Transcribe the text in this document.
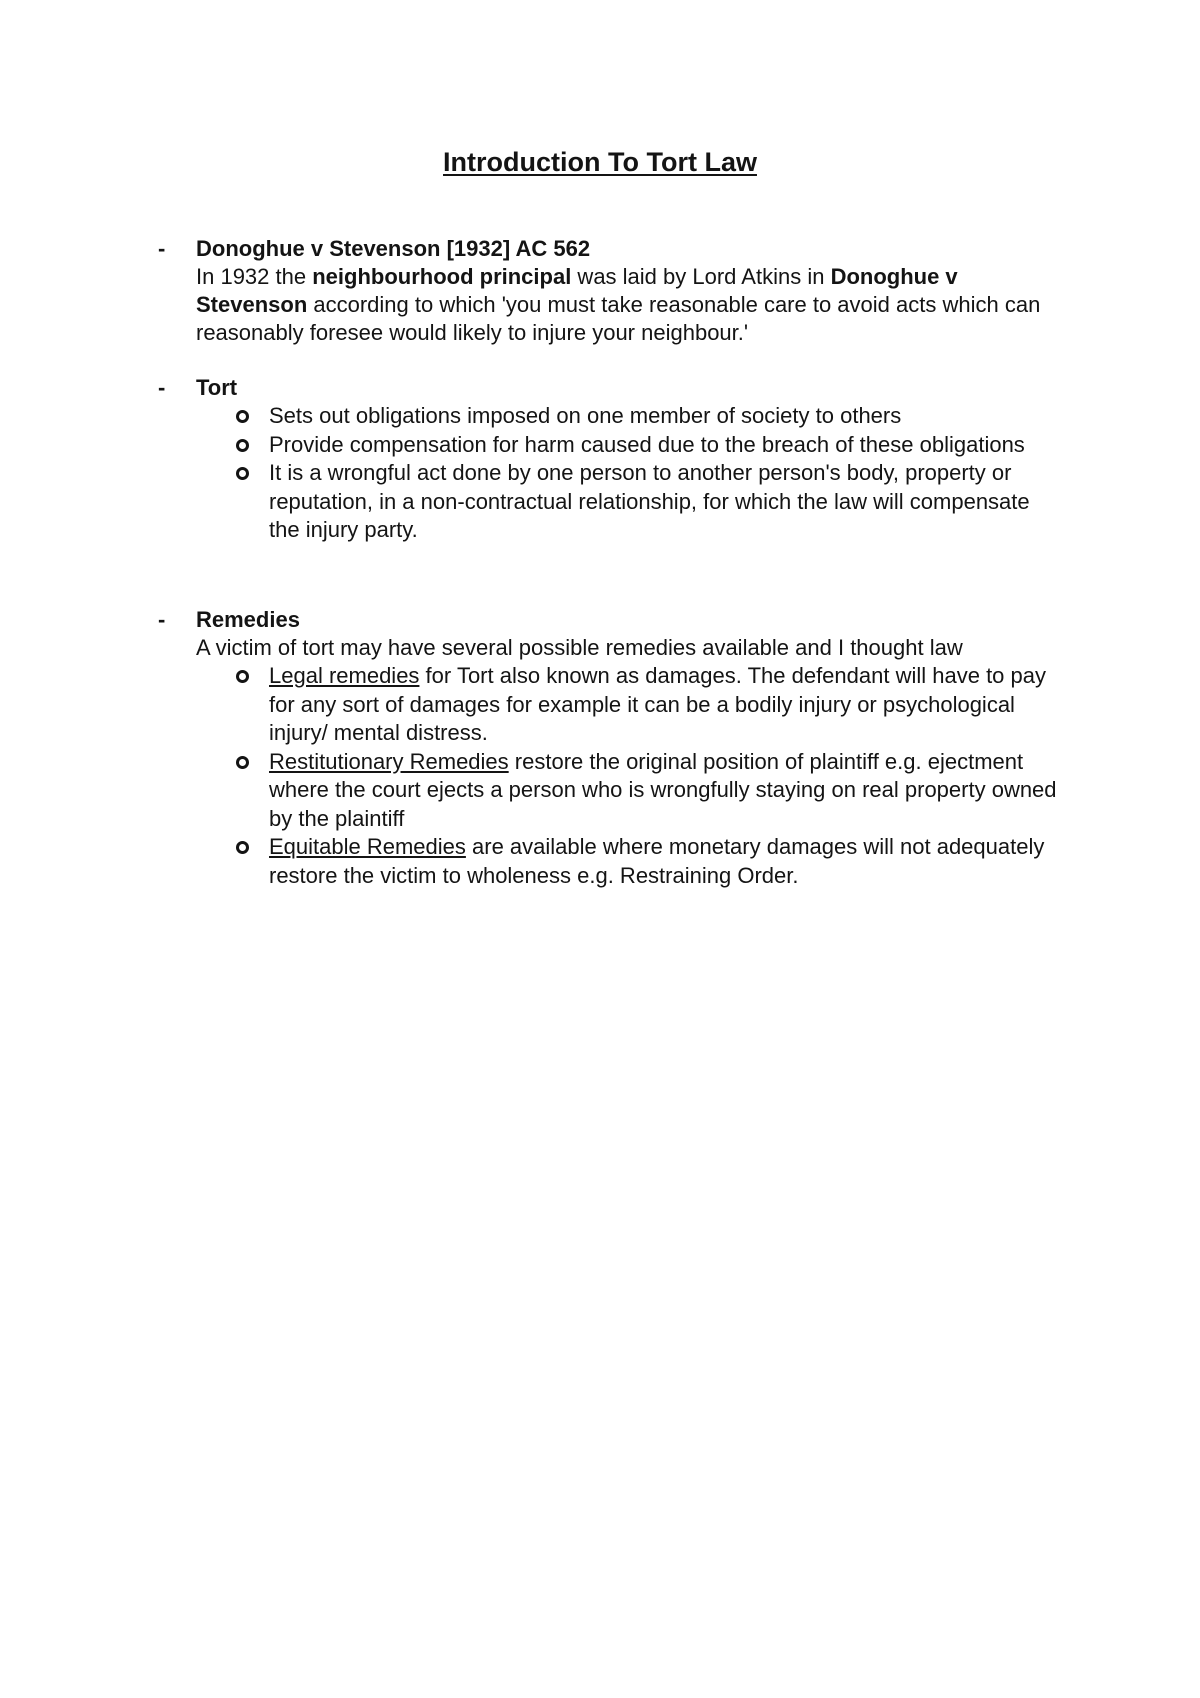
Introduction To Tort Law
- Donoghue v Stevenson [1932] AC 562
In 1932 the neighbourhood principal was laid by Lord Atkins in Donoghue v Stevenson according to which 'you must take reasonable care to avoid acts which can reasonably foresee would likely to injure your neighbour.'
- Tort
Sets out obligations imposed on one member of society to others
Provide compensation for harm caused due to the breach of these obligations
It is a wrongful act done by one person to another person's body, property or reputation, in a non-contractual relationship, for which the law will compensate the injury party.
- Remedies
A victim of tort may have several possible remedies available and I thought law
Legal remedies for Tort also known as damages. The defendant will have to pay for any sort of damages for example it can be a bodily injury or psychological injury/ mental distress.
Restitutionary Remedies restore the original position of plaintiff e.g. ejectment where the court ejects a person who is wrongfully staying on real property owned by the plaintiff
Equitable Remedies are available where monetary damages will not adequately restore the victim to wholeness e.g. Restraining Order.
